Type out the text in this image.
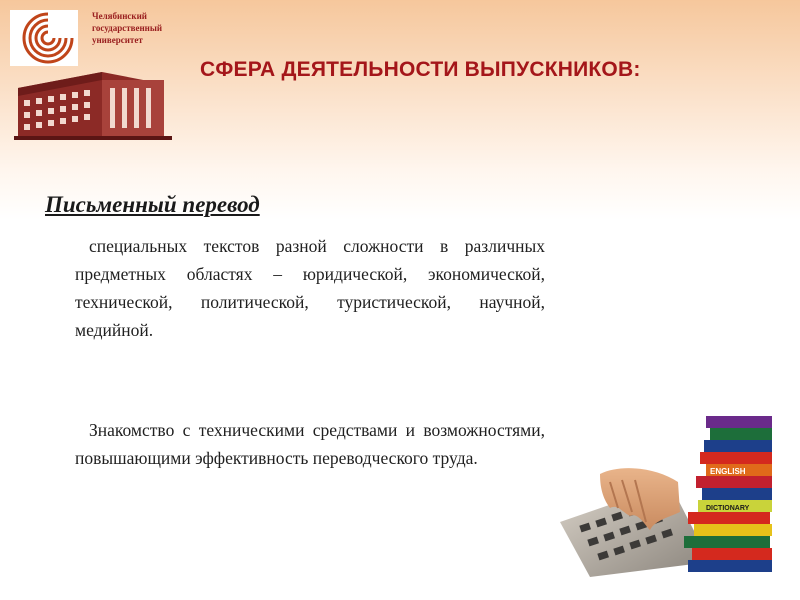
Челябинский государственный университет
СФЕРА ДЕЯТЕЛЬНОСТИ ВЫПУСКНИКОВ:
Письменный перевод
специальных текстов разной сложности в различных предметных областях – юридической, экономической, технической, политической, туристической, научной, медийной.
Знакомство с техническими средствами и возможностями, повышающими эффективность переводческого труда.
ENGLISH
DICTIONARY
